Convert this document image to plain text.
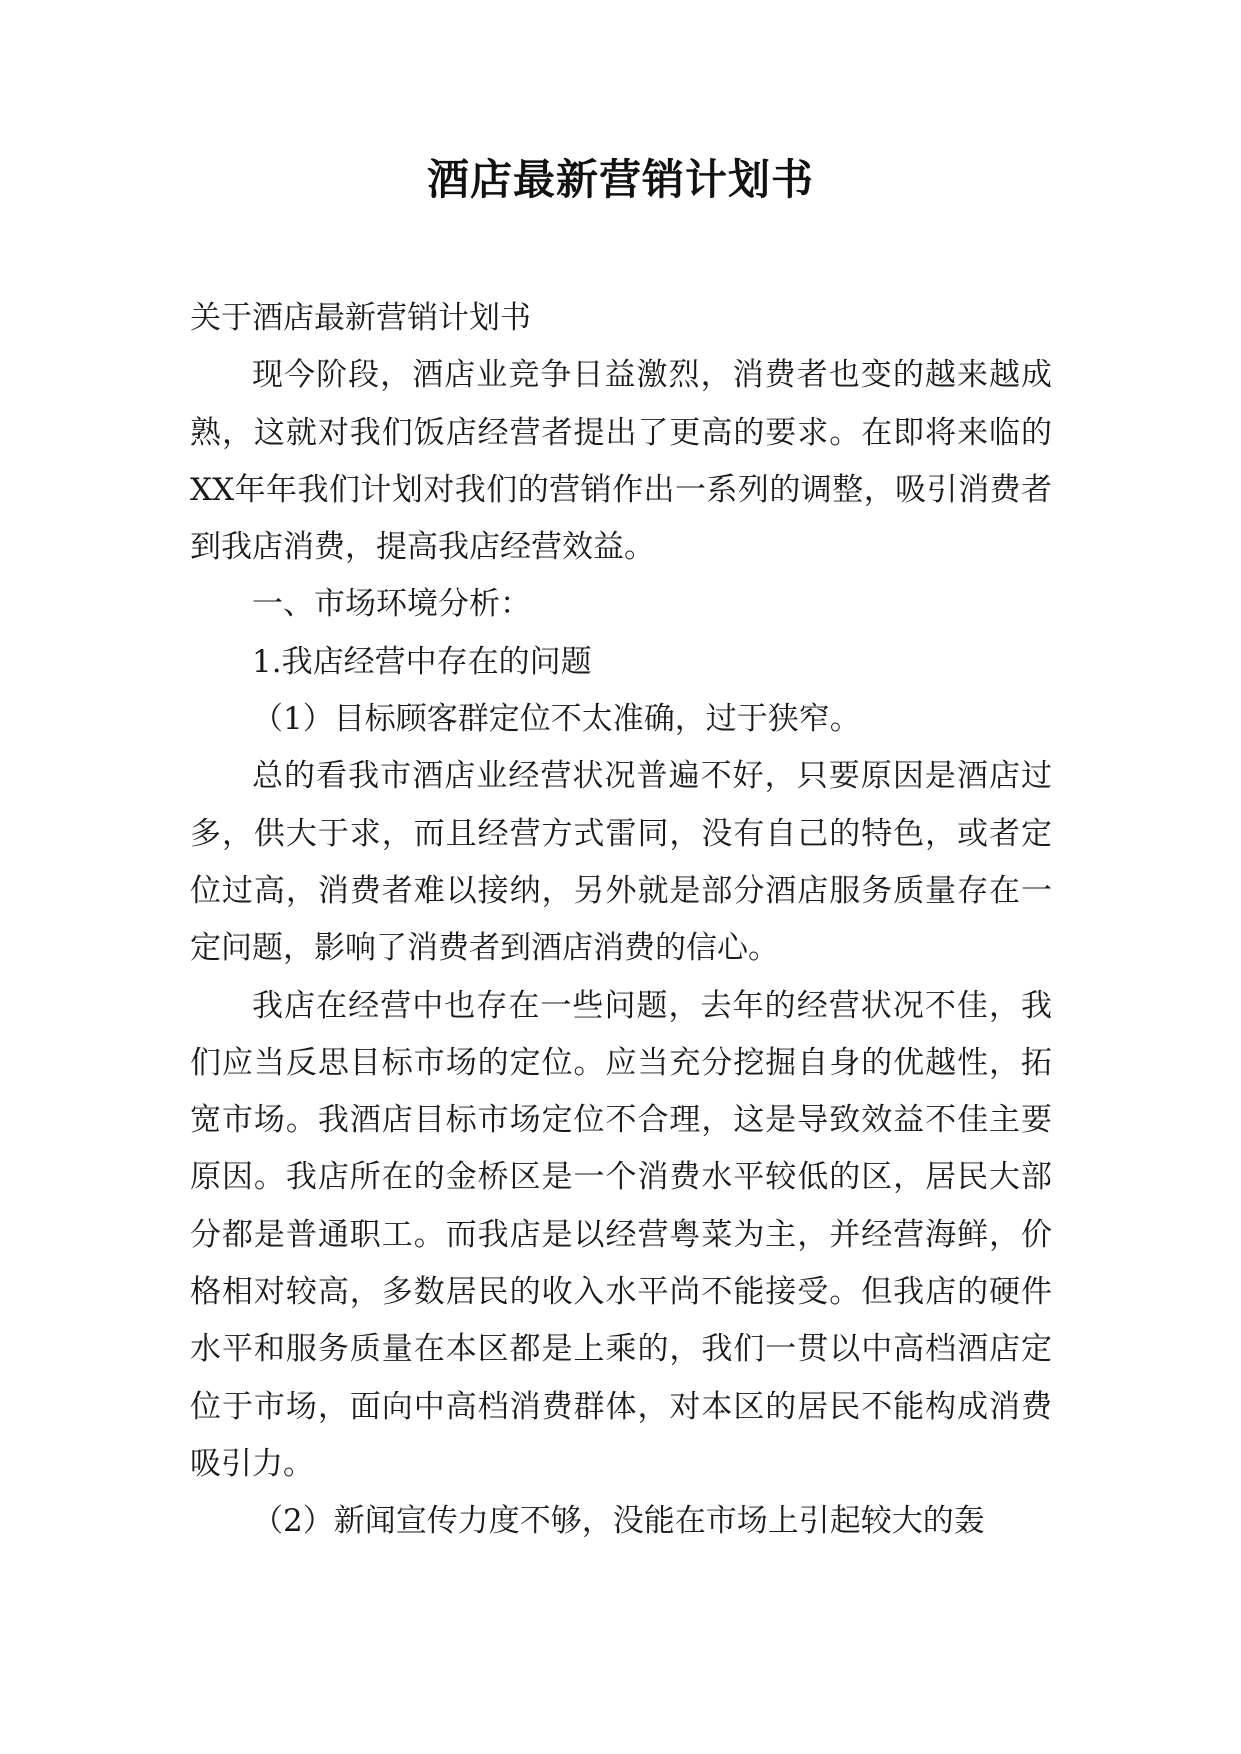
酒店最新营销计划书

关于酒店最新营销计划书

现今阶段，酒店业竞争日益激烈，消费者也变的越来越成熟，这就对我们饭店经营者提出了更高的要求。在即将来临的XX年年我们计划对我们的营销作出一系列的调整，吸引消费者到我店消费，提高我店经营效益。

一、市场环境分析：

1.我店经营中存在的问题

（1）目标顾客群定位不太准确，过于狭窄。

总的看我市酒店业经营状况普遍不好，只要原因是酒店过多，供大于求，而且经营方式雷同，没有自己的特色，或者定位过高，消费者难以接纳，另外就是部分酒店服务质量存在一定问题，影响了消费者到酒店消费的信心。

我店在经营中也存在一些问题，去年的经营状况不佳，我们应当反思目标市场的定位。应当充分挖掘自身的优越性，拓宽市场。我酒店目标市场定位不合理，这是导致效益不佳主要原因。我店所在的金桥区是一个消费水平较低的区，居民大部分都是普通职工。而我店是以经营粤菜为主，并经营海鲜，价格相对较高，多数居民的收入水平尚不能接受。但我店的硬件水平和服务质量在本区都是上乘的，我们一贯以中高档酒店定位于市场，面向中高档消费群体，对本区的居民不能构成消费吸引力。

（2）新闻宣传力度不够，没能在市场上引起较大的轰
